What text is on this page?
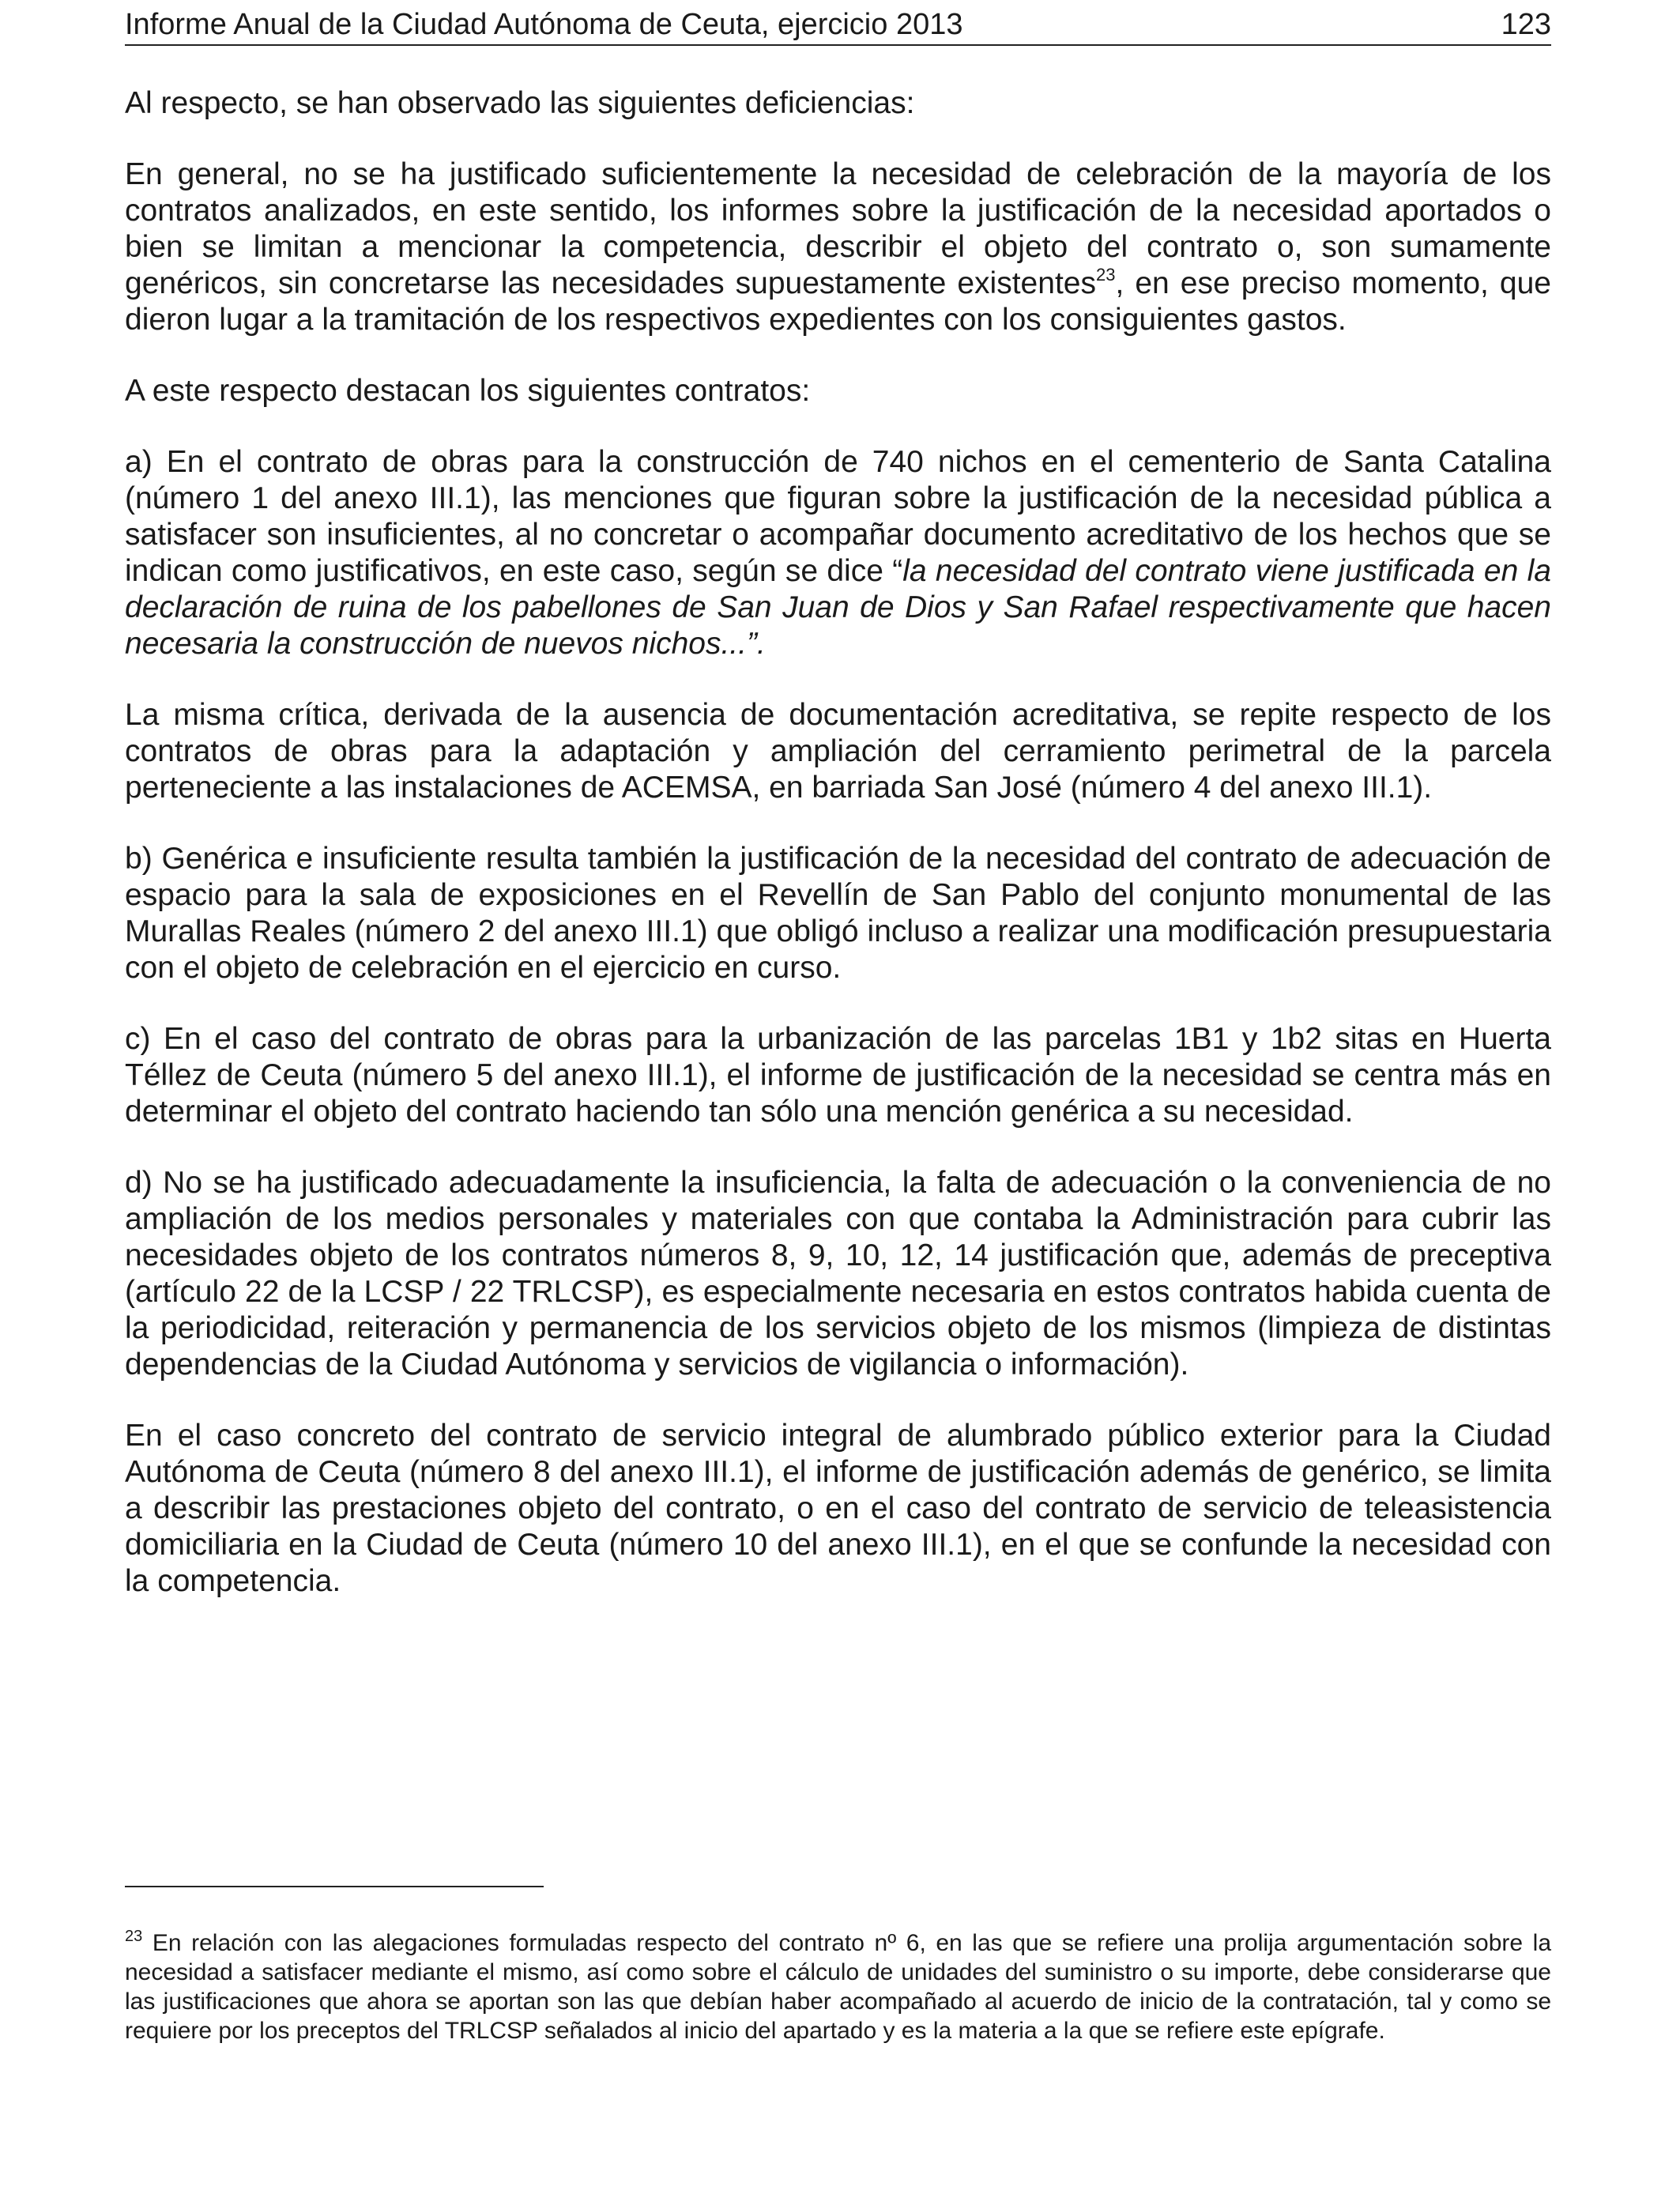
Informe Anual de la Ciudad Autónoma de Ceuta, ejercicio 2013	123

Al respecto, se han observado las siguientes deficiencias:

En general, no se ha justificado suficientemente la necesidad de celebración de la mayoría de los contratos analizados, en este sentido, los informes sobre la justificación de la necesidad aportados o bien se limitan a mencionar la competencia, describir el objeto del contrato o, son sumamente genéricos, sin concretarse las necesidades supuestamente existentes$^{23}$, en ese preciso momento, que dieron lugar a la tramitación de los respectivos expedientes con los consiguientes gastos.

A este respecto destacan los siguientes contratos:

a) En el contrato de obras para la construcción de 740 nichos en el cementerio de Santa Catalina (número 1 del anexo III.1), las menciones que figuran sobre la justificación de la necesidad pública a satisfacer son insuficientes, al no concretar o acompañar documento acreditativo de los hechos que se indican como justificativos, en este caso, según se dice “la necesidad del contrato viene justificada en la declaración de ruina de los pabellones de San Juan de Dios y San Rafael respectivamente que hacen necesaria la construcción de nuevos nichos...”.

La misma crítica, derivada de la ausencia de documentación acreditativa, se repite respecto de los contratos de obras para la adaptación y ampliación del cerramiento perimetral de la parcela perteneciente a las instalaciones de ACEMSA, en barriada San José (número 4 del anexo III.1).

b) Genérica e insuficiente resulta también la justificación de la necesidad del contrato de adecuación de espacio para la sala de exposiciones en el Revellín de San Pablo del conjunto monumental de las Murallas Reales (número 2 del anexo III.1) que obligó incluso a realizar una modificación presupuestaria con el objeto de celebración en el ejercicio en curso.

c) En el caso del contrato de obras para la urbanización de las parcelas 1B1 y 1b2 sitas en Huerta Téllez de Ceuta (número 5 del anexo III.1), el informe de justificación de la necesidad se centra más en determinar el objeto del contrato haciendo tan sólo una mención genérica a su necesidad.

d) No se ha justificado adecuadamente la insuficiencia, la falta de adecuación o la conveniencia de no ampliación de los medios personales y materiales con que contaba la Administración para cubrir las necesidades objeto de los contratos números 8, 9, 10, 12, 14 justificación que, además de preceptiva (artículo 22 de la LCSP / 22 TRLCSP), es especialmente necesaria en estos contratos habida cuenta de la periodicidad, reiteración y permanencia de los servicios objeto de los mismos (limpieza de distintas dependencias de la Ciudad Autónoma y servicios de vigilancia o información).

En el caso concreto del contrato de servicio integral de alumbrado público exterior para la Ciudad Autónoma de Ceuta (número 8 del anexo III.1), el informe de justificación además de genérico, se limita a describir las prestaciones objeto del contrato, o en el caso del contrato de servicio de teleasistencia domiciliaria en la Ciudad de Ceuta (número 10 del anexo III.1), en el que se confunde la necesidad con la competencia.

$^{23}$ En relación con las alegaciones formuladas respecto del contrato nº 6, en las que se refiere una prolija argumentación sobre la necesidad a satisfacer mediante el mismo, así como sobre el cálculo de unidades del suministro o su importe, debe considerarse que las justificaciones que ahora se aportan son las que debían haber acompañado al acuerdo de inicio de la contratación, tal y como se requiere por los preceptos del TRLCSP señalados al inicio del apartado y es la materia a la que se refiere este epígrafe.
